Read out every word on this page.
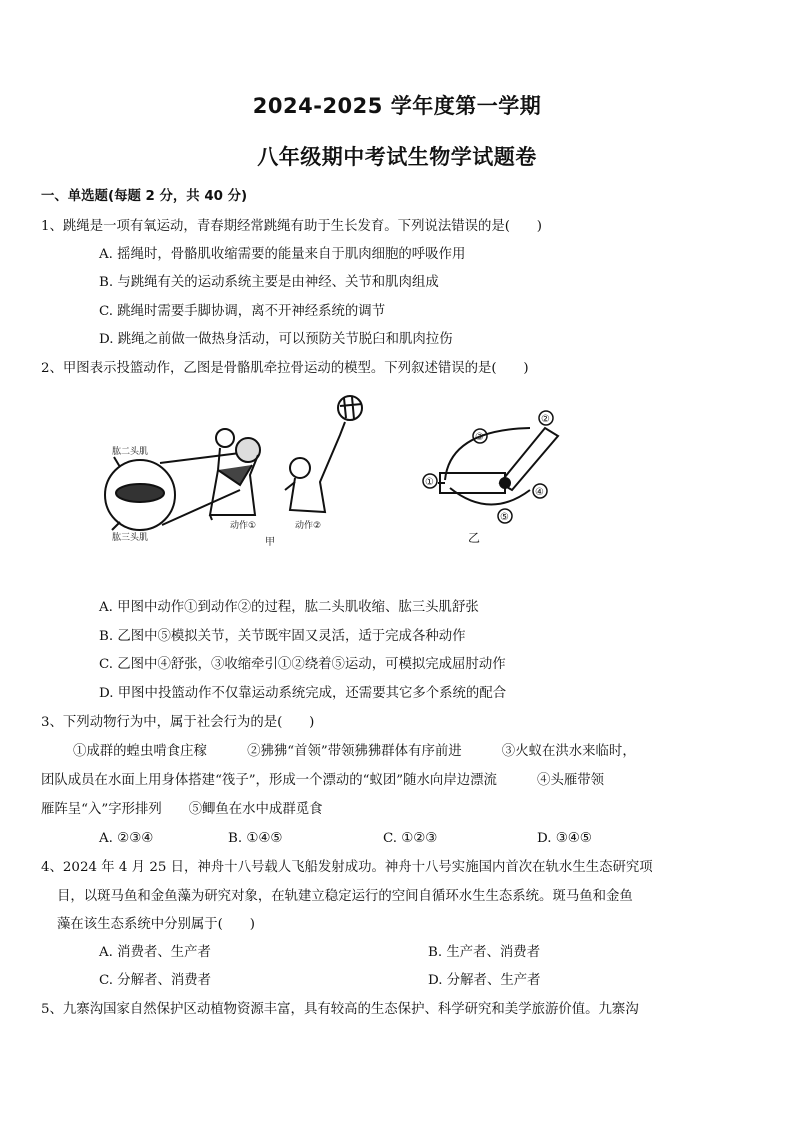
2024-2025 学年度第一学期
八年级期中考试生物学试题卷
一、单选题(每题 2 分，共 40 分)
1、跳绳是一项有氧运动，青春期经常跳绳有助于生长发育。下列说法错误的是(　　)
A. 摇绳时，骨骼肌收缩需要的能量来自于肌肉细胞的呼吸作用
B. 与跳绳有关的运动系统主要是由神经、关节和肌肉组成
C. 跳绳时需要手脚协调，离不开神经系统的调节
D. 跳绳之前做一做热身活动，可以预防关节脱臼和肌肉拉伤
2、甲图表示投篮动作，乙图是骨骼肌牵拉骨运动的模型。下列叙述错误的是(　　)
肱二头肌
肱三头肌
动作①
甲
动作②
①
②
③
④
⑤
乙
A. 甲图中动作①到动作②的过程，肱二头肌收缩、肱三头肌舒张
B. 乙图中⑤模拟关节，关节既牢固又灵活，适于完成各种动作
C. 乙图中④舒张，③收缩牵引①②绕着⑤运动，可模拟完成屈肘动作
D. 甲图中投篮动作不仅靠运动系统完成，还需要其它多个系统的配合
3、下列动物行为中，属于社会行为的是(　　)
①成群的蝗虫啃食庄稼　　　②狒狒“首领”带领狒狒群体有序前进　　　③火蚁在洪水来临时，
团队成员在水面上用身体搭建“筏子”，形成一个漂动的“蚁团”随水向岸边漂流　　　④头雁带领
雁阵呈“入”字形排列　　⑤鲫鱼在水中成群觅食
A. ②③④	B. ①④⑤	C. ①②③	D. ③④⑤
4、2024 年 4 月 25 日，神舟十八号载人飞船发射成功。神舟十八号实施国内首次在轨水生生态研究项
目，以斑马鱼和金鱼藻为研究对象，在轨建立稳定运行的空间自循环水生生态系统。斑马鱼和金鱼
藻在该生态系统中分别属于(　　)
A. 消费者、生产者	B. 生产者、消费者
C. 分解者、消费者	D. 分解者、生产者
5、九寨沟国家自然保护区动植物资源丰富，具有较高的生态保护、科学研究和美学旅游价值。九寨沟
